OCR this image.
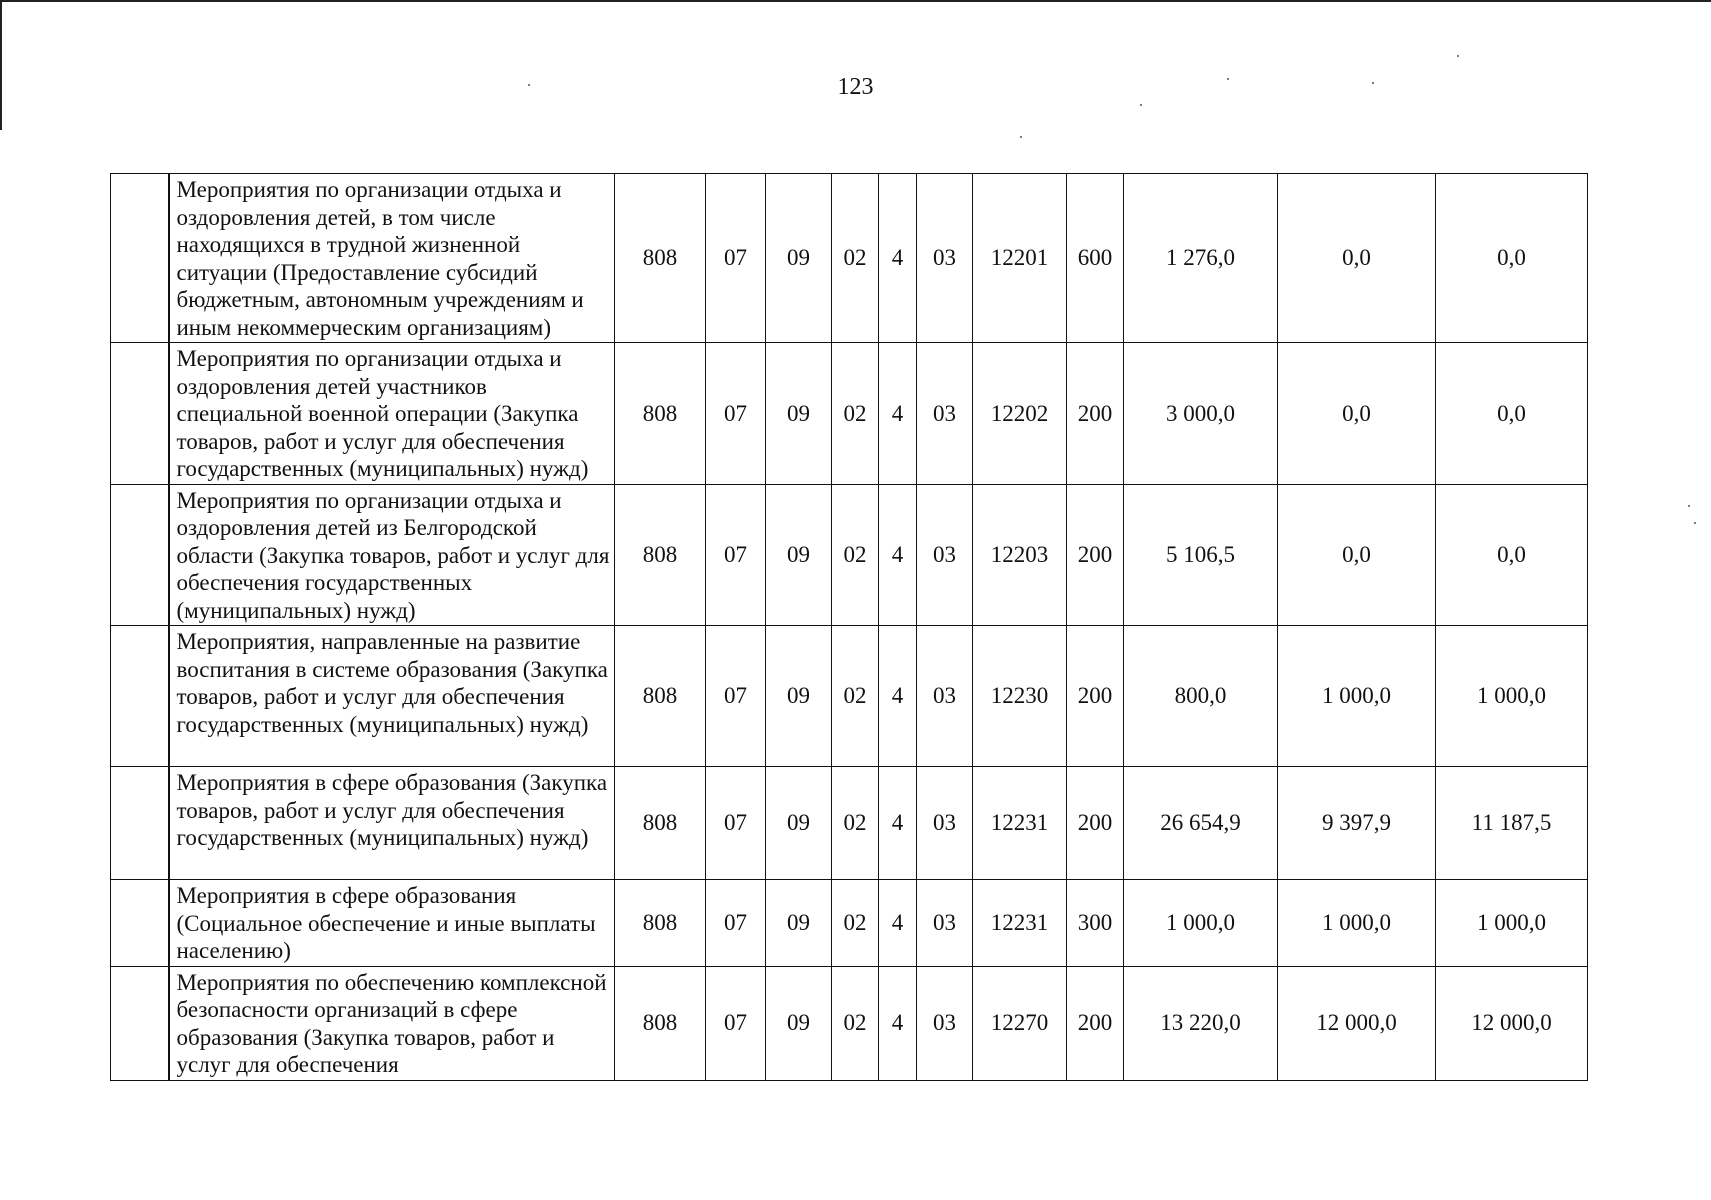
123
	Мероприятия по организации отдыха и оздоровления детей, в том числе находящихся в трудной жизненной ситуации (Предоставление субсидий бюджетным, автономным учреждениям и иным некоммерческим организациям)	808	07	09	02	4	03	12201	600	1 276,0	0,0	0,0
	Мероприятия по организации отдыха и оздоровления детей участников специальной военной операции (Закупка товаров, работ и услуг для обеспечения государственных (муниципальных) нужд)	808	07	09	02	4	03	12202	200	3 000,0	0,0	0,0
	Мероприятия по организации отдыха и оздоровления детей из Белгородской области (Закупка товаров, работ и услуг для обеспечения государственных (муниципальных) нужд)	808	07	09	02	4	03	12203	200	5 106,5	0,0	0,0
	Мероприятия, направленные на развитие воспитания в системе образования (Закупка товаров, работ и услуг для обеспечения государственных (муниципальных) нужд)	808	07	09	02	4	03	12230	200	800,0	1 000,0	1 000,0
	Мероприятия в сфере образования (Закупка товаров, работ и услуг для обеспечения государственных (муниципальных) нужд)	808	07	09	02	4	03	12231	200	26 654,9	9 397,9	11 187,5
	Мероприятия в сфере образования (Социальное обеспечение и иные выплаты населению)	808	07	09	02	4	03	12231	300	1 000,0	1 000,0	1 000,0
	Мероприятия по обеспечению комплексной безопасности организаций в сфере образования (Закупка товаров, работ и услуг для обеспечения	808	07	09	02	4	03	12270	200	13 220,0	12 000,0	12 000,0
